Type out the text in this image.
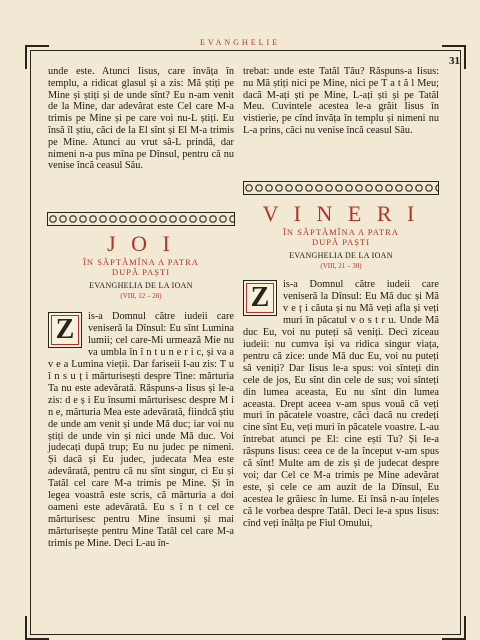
EVANGHELIE
31

unde este. Atunci Iisus, care învăța în templu, a ridicat glasul și a zis: Mă știți pe Mine și știți și de unde sînt? Eu n-am venit de la Mine, dar adevărat este Cel care M-a trimis pe Mine și pe care voi nu-L știți. Eu însă îl știu, căci de la El sînt și El M-a trimis pe Mine. Atunci au vrut să-L prindă, dar nimeni n-a pus mîna pe Dînsul, pentru că nu venise încă ceasul Său.

trebat: unde este Tatăl Tău? Răspuns-a Iisus: nu Mă știți nici pe Mine, nici pe T a t ă l Meu; dacă M-ați ști pe Mine, L-ați ști și pe Tatăl Meu. Cuvintele acestea le-a grăit Iisus în vistierie, pe cînd învăța în templu și nimeni nu L-a prins, căci nu venise încă ceasul Său.

J O I
ÎN SĂPTĂMÎNA A PATRA
DUPĂ PAȘTI
EVANGHELIA DE LA IOAN
(VIII, 12 – 20)
V I N E R I
ÎN SĂPTĂMÎNA A PATRA
DUPĂ PAȘTI
EVANGHELIA DE LA IOAN
(VIII, 21 – 30)
Z	is-a Domnul către iudeii care veniseră la Dînsul: Eu sînt Lumina lumii; cel care-Mi urmează Mie nu va umbla în î n t u n e r i c, și va a v e a Lumina vieții. Dar fariseii I-au zis: T u î n s u ț i mărturisești despre Tine: mărturia Ta nu este adevărată. Răspuns-a Iisus și le-a zis: d e ș i Eu însumi mărturisesc despre M i n e, mărturia Mea este adevărată, fiindcă știu de unde am venit și unde Mă duc; iar voi nu știți de unde vin și nici unde Mă duc. Voi judecați după trup; Eu nu judec pe nimeni. Și dacă și Eu judec, judecata Mea este adevărată, pentru că nu sînt singur, ci Eu și Tatăl cel care M-a trimis pe Mine. Și în legea voastră este scris, că mărturia a doi oameni este adevărată. Eu s î n t cel ce mărturisesc pentru Mine însumi și mai mărturisește pentru Mine Tatăl cel care M-a trimis pe Mine. Deci L-au în-
Z	is-a Domnul către iudeii care veniseră la Dînsul: Eu Mă duc și Mă v e ț i căuta și nu Mă veți afla și veți muri în păcatul v o s t r u. Unde Mă duc Eu, voi nu puteți să veniți. Deci ziceau iudeii: nu cumva își va ridica singur viața, pentru că zice: unde Mă duc Eu, voi nu puteți să veniți? Dar Iisus le-a spus: voi sînteți din cele de jos, Eu sînt din cele de sus; voi sînteți din lumea aceasta, Eu nu sînt din lumea aceasta. Drept aceea v-am spus vouă că veți muri în păcatele voastre, căci dacă nu credeți cine sînt Eu, veți muri în păcatele voastre. L-au întrebat atunci pe El: cine ești Tu? Și Ie-a răspuns Iisus: ceea ce de la început v-am spus că sînt! Multe am de zis și de judecat despre voi; dar Cel ce M-a trimis pe Mine adevărat este, și cele ce am auzit de la Dînsul, Eu acestea le grăiesc în lume. Ei însă n-au înțeles că le vorbea despre Tatăl. Deci le-a spus Iisus: cînd veți înălța pe Fiul Omului,
